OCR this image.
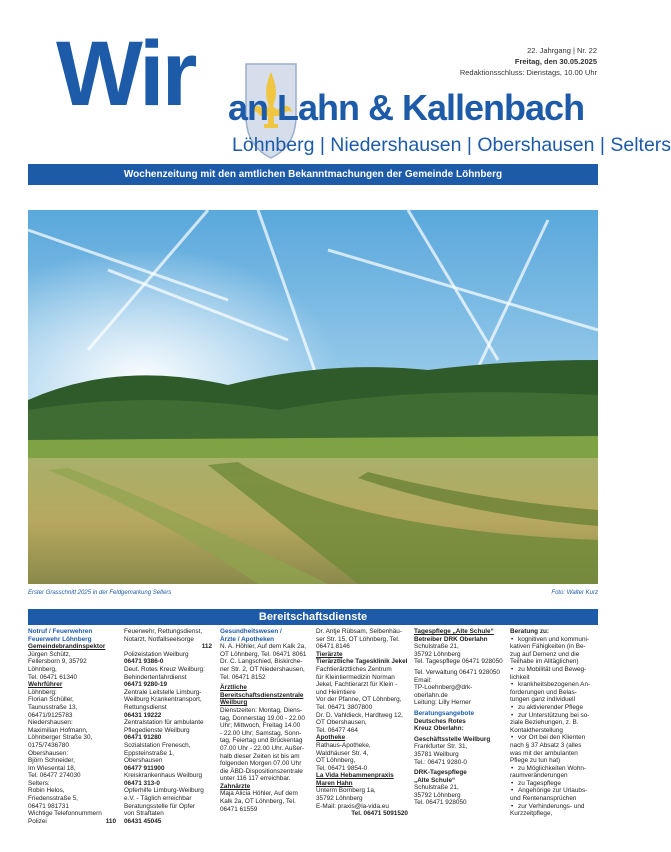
Wir an Lahn & Kallenbach
Löhnberg | Niedershausen | Obershausen | Selters
22. Jahrgang | Nr. 22
Freitag, den 30.05.2025
Redaktionsschluss: Dienstags, 10.00 Uhr
Wochenzeitung mit den amtlichen Bekanntmachungen der Gemeinde Löhnberg
Erster Grasschnitt 2025 in der Feldgemarkung Selters	Foto: Walter Kurz
Bereitschaftsdienste
Notruf / Feuerwehren
Feuerwehr Löhnberg
Gemeindebrandinspektor
Jürgen Schütz,
Fellersborn 9, 35792 Löhnberg,
Tel. 06471 61340
Wehrführer
Löhnberg:
Florian Schüller,
Taunusstraße 13,
06471/9125783
Niedershausen:
Maximilian Hofmann,
Löhnberger Straße 30,
0175/7436780
Obershausen:
Björn Schneider,
Im Wiesental 18,
Tel. 06477 274030
Selters:
Robin Helos,
Friedensstraße 5,
06471 981731
Wichtige Telefonnummern
Polizei	110
Feuerwehr, Rettungsdienst,
Notarzt, Notfallseelsorge
112
Polizeistation Weilburg
06471 9386-0
Deut. Rotes Kreuz Weilburg:
Behindertenfahrdienst
06471 9280-19
Zentrale Leitstelle Limburg-
Weilburg Krankentransport,
Rettungsdienst
06431 19222
Zentralstation für ambulante
Pflegedienste Weilburg
06471 91280
Sozialstation Frenesch,
Eppsteinstraße 1, Obershausen
06477 911900
Kreiskrankenhaus Weilburg
06471 313-0
Opferhilfe Limburg-Weilburg
e.V. - Täglich erreichbar
Beratungsstelle für Opfer
von Straftaten
06431 45045
Gesundheitswesen /
Ärzte / Apotheken
N. A. Höhler, Auf dem Kalk 2a,
OT Löhnberg, Tel. 06471 8061
Dr. C. Langschied, Biskirche-
ner Str. 2, OT Niedershausen,
Tel. 06471 8152
Ärztliche
Bereitschaftsdienstzentrale
Weilburg
Dienstzeiten: Montag, Diens-
tag, Donnerstag 19.00 - 22.00
Uhr; Mittwoch, Freitag 14.00
- 22.00 Uhr; Samstag, Sonn-
tag, Feiertag und Brückentag
07.00 Uhr - 22.00 Uhr. Außer-
halb dieser Zeiten ist bis am
folgenden Morgen 07.00 Uhr
die ÄBD-Dispositionszentrale
unter 116 117 erreichbar.
Zahnärzte
Maja Alicia Höhler, Auf dem
Kalk 2a, OT Löhnberg, Tel.
06471 61559
Dr. Antje Rübsam, Selbenhäu-
ser Str. 15, OT Löhnberg, Tel.
06471 8146
Tierärzte
Tierärztliche Tagesklinik Jekel
Fachtierärztliches Zentrum
für Kleintiermedizin Norman
Jekel, Fachtierarzt für Klein -
und Heimtiere
Vor der Pfanne, OT Löhnberg,
Tel. 06471 3807800
Dr. D. Vahldieck, Hardtweg 12,
OT Obershausen,
Tel. 06477 464
Apotheke
Rathaus-Apotheke,
Waldhäuser Str. 4,
OT Löhnberg,
Tel. 06471 9854-0
La Vida Hebammenpraxis
Maren Hahn
Unterm Bornberg 1a,
35792 Löhnberg
E-Mail: praxis@la-vida.eu
Tel. 06471 5091520
Tagespflege „Alte Schule“
Betreiber DRK Oberlahn
Schulstraße 21,
35792 Löhnberg
Tel. Tagespflege 06471 928050
Tel. Verwaltung 06471 928050
Email:
TP-Loehnberg@drk-oberlahn.de
Leitung: Lilly Herner
Beratungsangebote
Deutsches Rotes
Kreuz Oberlahn:
Geschäftsstelle Weilburg
Frankfurter Str. 31,
35781 Weilburg
Tel.: 06471 9280-0
DRK-Tagespflege
„Alte Schule“
Schulstraße 21,
35792 Löhnberg
Tel. 06471 928050
Beratung zu:
• kognitiven und kommuni-
kativen Fähigkeiten (in Be-
zug auf Demenz und die
Teilhabe im Alltäglichen)
• zu Mobilität und Beweg-
lichkeit
• krankheitsbezogenen An-
forderungen und Belas-
tungen ganz individuell
• zu aktivierender Pflege
• zur Unterstützung bei so-
ziale Beziehungen, z. B.
Kontaktherstellung
• vor Ort bei den Klienten
nach § 37 Absatz 3 (alles
was mit der ambulanten
Pflege zu tun hat)
• zu Möglichkeiten Wohn-
raumveränderungen
• zu Tagespflege
• Angehörige zur Urlaubs-
und Rentenansprüchen
• zur Verhinderungs- und
Kurzzeitpflege,
